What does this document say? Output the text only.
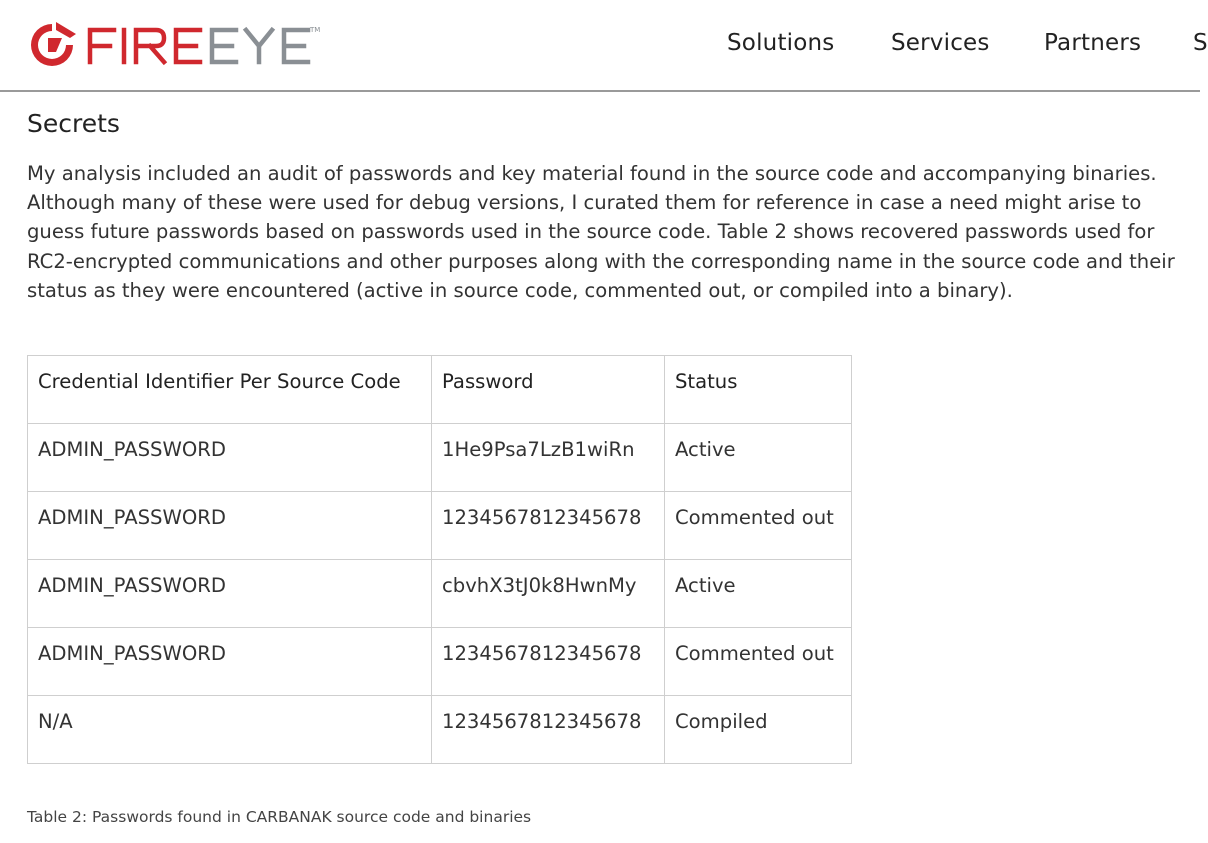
TM	Solutions Services Partners S
Secrets

My analysis included an audit of passwords and key material found in the source code and accompanying binaries. Although many of these were used for debug versions, I curated them for reference in case a need might arise to guess future passwords based on passwords used in the source code. Table 2 shows recovered passwords used for RC2-encrypted communications and other purposes along with the corresponding name in the source code and their status as they were encountered (active in source code, commented out, or compiled into a binary).

Credential Identifier Per Source Code	Password	Status
ADMIN_PASSWORD	1He9Psa7LzB1wiRn	Active
ADMIN_PASSWORD	1234567812345678	Commented out
ADMIN_PASSWORD	cbvhX3tJ0k8HwnMy	Active
ADMIN_PASSWORD	1234567812345678	Commented out
N/A	1234567812345678	Compiled

Table 2: Passwords found in CARBANAK source code and binaries
